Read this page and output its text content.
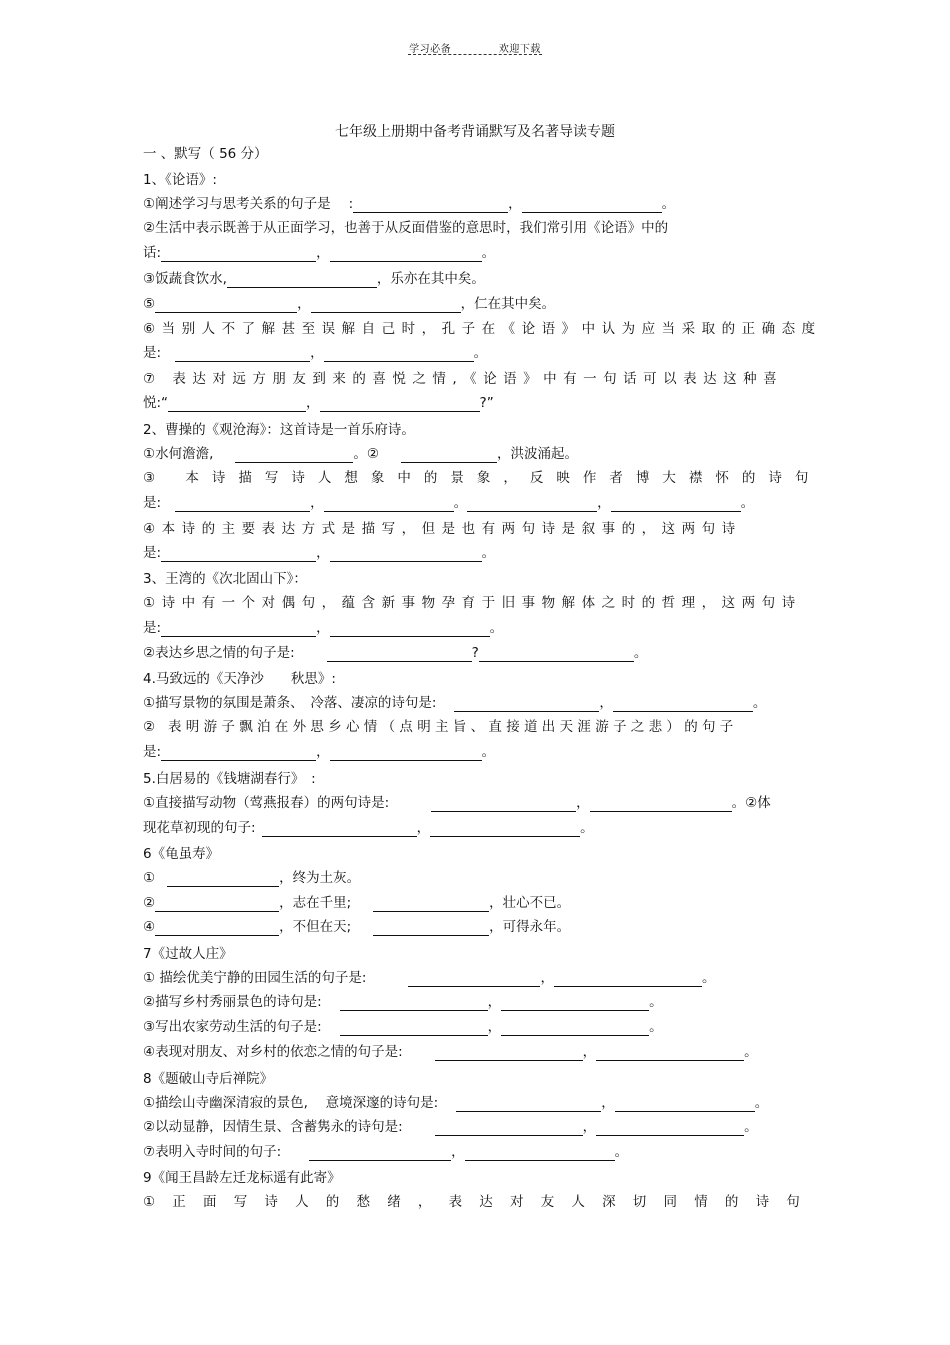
学习必备	欢迎下载
七年级上册期中备考背诵默写及名著导读专题
一 、默写（ 56 分）
1、《论语》:
①阐述学习与思考关系的句子是 :	，	。
②生活中表示既善于从正面学习，也善于从反面借鉴的意思时，我们常引用《论语》中的
话:	，	。
③饭蔬食饮水,	，乐亦在其中矣。
⑤	，	，仁在其中矣。
⑥当别人不了解甚至误解自己时，孔子在《论语》中认为应当采取的正确态度
是:	，	。
⑦ 表达对远方朋友到来的喜悦之情,《论语》中有一句话可以表达这种喜
悦:“	，	?”
2、曹操的《观沧海》：这首诗是一首乐府诗。
①水何澹澹,	。②	，洪波涌起。
③ 本诗描写诗人想象中的景象，反映作者博大襟怀的诗句
是:	，	。	，	。
④本诗的主要表达方式是描写，但是也有两句诗是叙事的，这两句诗
是:	，	。
3、王湾的《次北固山下》：
①诗中有一个对偶句，蕴含新事物孕育于旧事物解体之时的哲理，这两句诗
是:	，	。
②表达乡思之情的句子是:	?	。
4.马致远的《天净沙　　秋思》:
①描写景物的氛围是萧条、　冷落、凄凉的诗句是:	，	。
② 表明游子飘泊在外思乡心情（点明主旨、直接道出天涯游子之悲）的句子
是:	，	。
5.白居易的《钱塘湖春行》　:
①直接描写动物（莺燕报春）的两句诗是:	，	。②体
现花草初现的句子:	，	。
6《龟虽寿》
①	，终为土灰。
②	，志在千里;	，壮心不已。
④	，不但在天;	，可得永年。
7《过故人庄》
① 描绘优美宁静的田园生活的句子是:	，	。
②描写乡村秀丽景色的诗句是:	，	。
③写出农家劳动生活的句子是:	，	。
④表现对朋友、对乡村的依恋之情的句子是:	，	。
8《题破山寺后禅院》
①描绘山寺幽深清寂的景色,　 意境深邃的诗句是:	，	。
②以动显静，因情生景、含蓄隽永的诗句是:	，	。
⑦表明入寺时间的句子:	，	。
9《闻王昌龄左迁龙标遥有此寄》
①正面写诗人的愁绪，表达对友人深切同情的诗句
